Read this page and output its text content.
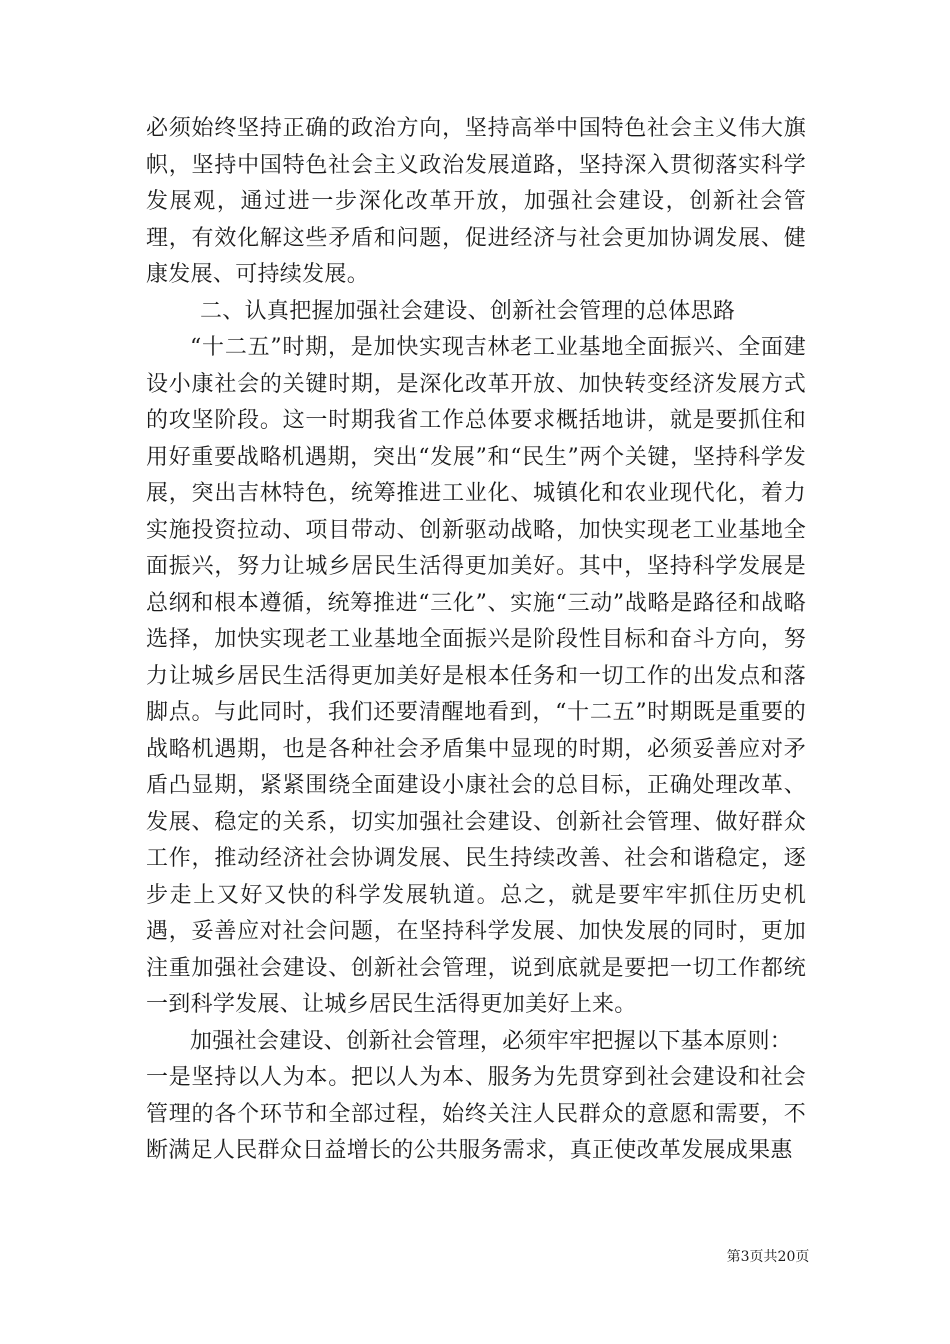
必须始终坚持正确的政治方向，坚持高举中国特色社会主义伟大旗帜，坚持中国特色社会主义政治发展道路，坚持深入贯彻落实科学发展观，通过进一步深化改革开放，加强社会建设，创新社会管理，有效化解这些矛盾和问题，促进经济与社会更加协调发展、健康发展、可持续发展。

二、认真把握加强社会建设、创新社会管理的总体思路

“十二五”时期，是加快实现吉林老工业基地全面振兴、全面建设小康社会的关键时期，是深化改革开放、加快转变经济发展方式的攻坚阶段。这一时期我省工作总体要求概括地讲，就是要抓住和用好重要战略机遇期，突出“发展”和“民生”两个关键，坚持科学发展，突出吉林特色，统筹推进工业化、城镇化和农业现代化，着力实施投资拉动、项目带动、创新驱动战略，加快实现老工业基地全面振兴，努力让城乡居民生活得更加美好。其中，坚持科学发展是总纲和根本遵循，统筹推进“三化”、实施“三动”战略是路径和战略选择，加快实现老工业基地全面振兴是阶段性目标和奋斗方向，努力让城乡居民生活得更加美好是根本任务和一切工作的出发点和落脚点。与此同时，我们还要清醒地看到，“十二五”时期既是重要的战略机遇期，也是各种社会矛盾集中显现的时期，必须妥善应对矛盾凸显期，紧紧围绕全面建设小康社会的总目标，正确处理改革、发展、稳定的关系，切实加强社会建设、创新社会管理、做好群众工作，推动经济社会协调发展、民生持续改善、社会和谐稳定，逐步走上又好又快的科学发展轨道。总之，就是要牢牢抓住历史机遇，妥善应对社会问题，在坚持科学发展、加快发展的同时，更加注重加强社会建设、创新社会管理，说到底就是要把一切工作都统一到科学发展、让城乡居民生活得更加美好上来。

加强社会建设、创新社会管理，必须牢牢把握以下基本原则：

一是坚持以人为本。把以人为本、服务为先贯穿到社会建设和社会管理的各个环节和全部过程，始终关注人民群众的意愿和需要，不断满足人民群众日益增长的公共服务需求，真正使改革发展成果惠

第3页共20页
